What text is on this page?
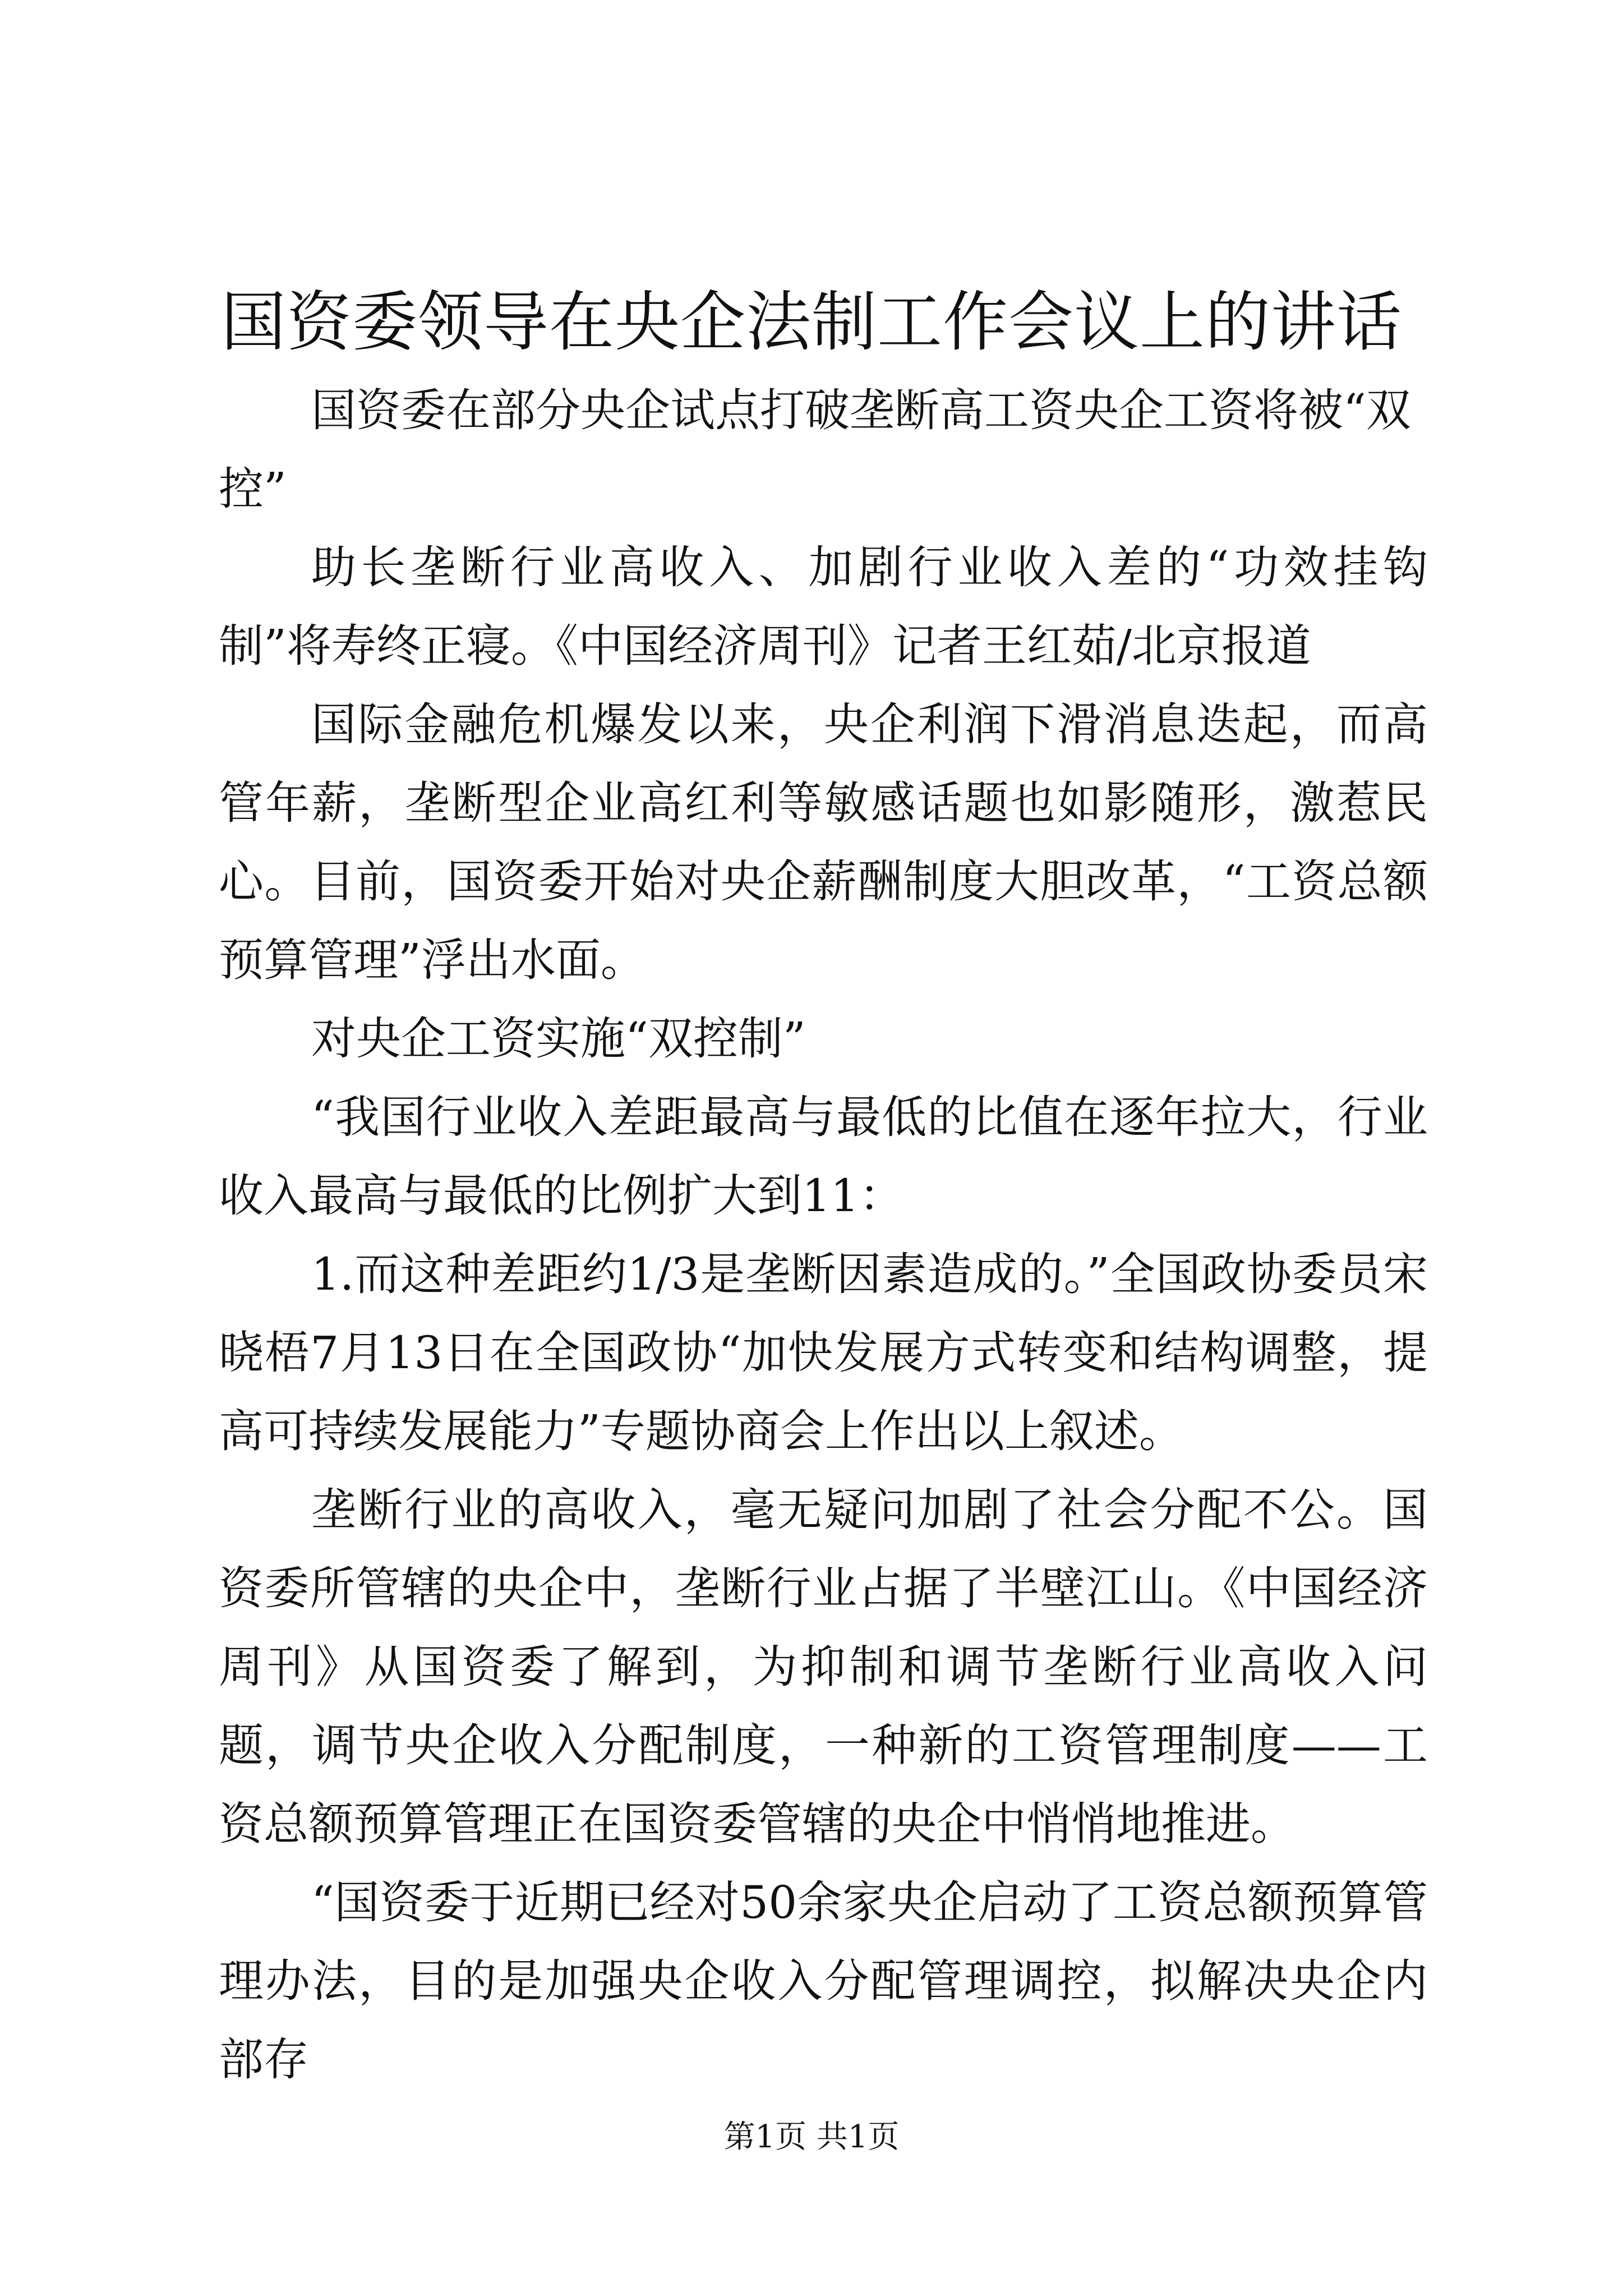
国资委领导在央企法制工作会议上的讲话

国资委在部分央企试点打破垄断高工资央企工资将被“双控”

助长垄断行业高收入、加剧行业收入差的“功效挂钩制”将寿终正寝。《中国经济周刊》记者王红茹/北京报道

国际金融危机爆发以来，央企利润下滑消息迭起，而高管年薪，垄断型企业高红利等敏感话题也如影随形，激惹民心。目前，国资委开始对央企薪酬制度大胆改革，“工资总额预算管理”浮出水面。

对央企工资实施“双控制”

“我国行业收入差距最高与最低的比值在逐年拉大，行业收入最高与最低的比例扩大到11：

1.而这种差距约1/3是垄断因素造成的。”全国政协委员宋晓梧7月13日在全国政协“加快发展方式转变和结构调整，提高可持续发展能力”专题协商会上作出以上叙述。

垄断行业的高收入，毫无疑问加剧了社会分配不公。国资委所管辖的央企中，垄断行业占据了半壁江山。《中国经济周刊》从国资委了解到，为抑制和调节垄断行业高收入问题，调节央企收入分配制度，一种新的工资管理制度——工资总额预算管理正在国资委管辖的央企中悄悄地推进。

“国资委于近期已经对50余家央企启动了工资总额预算管理办法，目的是加强央企收入分配管理调控，拟解决央企内部存

第1页 共1页
